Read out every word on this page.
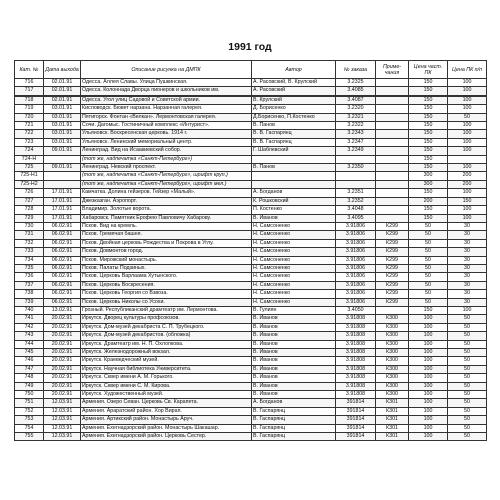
1991 год
Кат. №	Дата выхода	Описание рисунка на ДМПК	Автор	№ заказа	Приме-чания	Цена част. ПК	Цена ПК п/п
716	02.01.91	Одесса. Аллея Славы. Улица Пушкинская.	А. Расовский, В. Крулский	3.2325		150	100
717	02.01.91	Одесса. Колоннада Дворца пионеров и школьников им.	А. Расовский	3.4085		150	100

718	02.01.91	Одесса. Угол улиц Садовой и Советской армии.	В. Крулский	3.4087		150	100
719	03.01.91	Кисловодск. Бювет нарзана. Нарзанная галерея.	Д. Борисенко	3.2320		150	100
720	03.01.91	Пятигорск. Фонтан «Велкан». Лермонтовская галерея.	Д.Борисенко, П.Костенко	3.2321		150	50
721	03.01.91	Сочи. Дагомыс. Гостиничный комплекс «Интурист».	В. Панов	3.2322		150	100
722	03.01.91	Ульяновск. Воскресенская церковь. 1914 г.	В. В. Гаспарянц	3.2343		150	100
723	03.01.91	Ульяновск. Ленинский мемориальный центр.	В. В. Гаспарянц	3.2347		150	100
724	09.01.91	Ленинград. Вид на Исаакиевский собор.	Г. Шаблевский	3.2349		150	100
724-Н		(тот же, надпечатка «Санкт-Петербург»)				150	
725	09.01.91	Ленинград. Невский проспект.	В. Панов	3.2350		150	100
725-Н1		(тот же, надпечатка «Санкт-Петербург», шрифт круп.)				300	200
725-Н2		(тот же, надпечатка «Санкт-Петербург», шрифт мел.)				300	200
726	17.01.91	Камчатка. Долина гейзеров. Гейзер «Малый».	А. Богданов	3.2351		150	100
727	17.01.91	Джезказган. Аэропорт.	К. Рошковский	3.2352		200	150
728	17.01.91	Владимир. Золотые ворота.	П. Костенко	3.4048		150	100
729	17.01.91	Хабаровск. Памятник Ерофею Павловичу Хабарову.	В. Иванов	3.4095		150	100
730	06.02.91	Псков. Вид на кремль.	Н. Самсоненко	3.91806	К299	50	30
731	06.02.91	Псков. Гремячая башня.	Н. Самсоненко	3.91806	К299	50	30
732	06.02.91	Псков. Двойная церковь Рождества и Покрова в Углу.	Н. Самсоненко	3.91806	К299	50	30
733	06.02.91	Псков. Довмонтов город.	Н. Самсоненко	3.91806	К299	50	30
734	06.02.91	Псков. Мирожский монастырь.	Н. Самсоненко	3.91806	К299	50	30
735	06.02.91	Псков. Палаты Подзиных.	Н. Самсоненко	3.91806	К299	50	30
736	06.02.91	Псков. Церковь Варлаама Хутынского.	Н. Самсоненко	3.91806	К299	50	30
737	06.02.91	Псков. Церковь Воскресения.	Н. Самсоненко	3.91806	К299	50	30
738	06.02.91	Псков. Церковь Георгия со Взвоза.	Н. Самсоненко	3.91806	К299	50	30
739	06.02.91	Псков. Церковь Николы со Усохи.	Н. Самсоненко	3.91806	К299	50	30
740	13.02.91	Грозный. Республиканский драмтеатр им. Лермонтова.	В. Гулиян	3.4050		150	100
741	20.02.91	Иркутск. Дворец культуры профсоюзов.	В. Иванов	3.91808	К300	100	50
742	20.02.91	Иркутск. Дом-музей декабриста С. П. Трубецкого.	В. Иванов	3.91808	К300	100	50
743	20.02.91	Иркутск. Дом-музей декабристов. (обложка)	В. Иванов	3.91808	К300	100	50
744	20.02.91	Иркутск. Драмтеатр им. Н. П. Охлопкова.	В. Иванов	3.91808	К300	100	50
745	20.02.91	Иркутск. Железнодорожный вокзал.	В. Иванов	3.91808	К300	100	50
746	20.02.91	Иркутск. Краеведческий музей.	В. Иванов	3.91808	К300	100	50
747	20.02.91	Иркутск. Научная библиотека Университета.	В. Иванов	3.91808	К300	100	50
748	20.02.91	Иркутск. Сквер имени А. М. Горького.	В. Иванов	3.91808	К300	100	50
749	20.02.91	Иркутск. Сквер имени С. М. Кирова.	В. Иванов	3.91808	К300	100	50
750	20.02.91	Иркутск. Художественный музей.	В. Иванов	3.91808	К300	100	50
751	12.03.91	Армения. Озеро Севан. Церковь Св. Карапета.	А. Богданов	391814	К301	100	50
752	12.03.91	Армения. Араратский район. Хор Вирап.	В. Гаспарянц	391814	К301	100	50
753	12.03.91	Армения. Артикский район. Монастырь Аруч.	В. Гаспарянц	391814	К301	100	50
754	12.03.91	Армения. Ехегнадзорский район. Монастырь Шакашар.	В. Гаспарянц	391814	К301	100	50
755	12.03.91	Армения. Ехегнадзорский район. Церковь Сестер.	В. Гаспарянц	391814	К301	100	50
